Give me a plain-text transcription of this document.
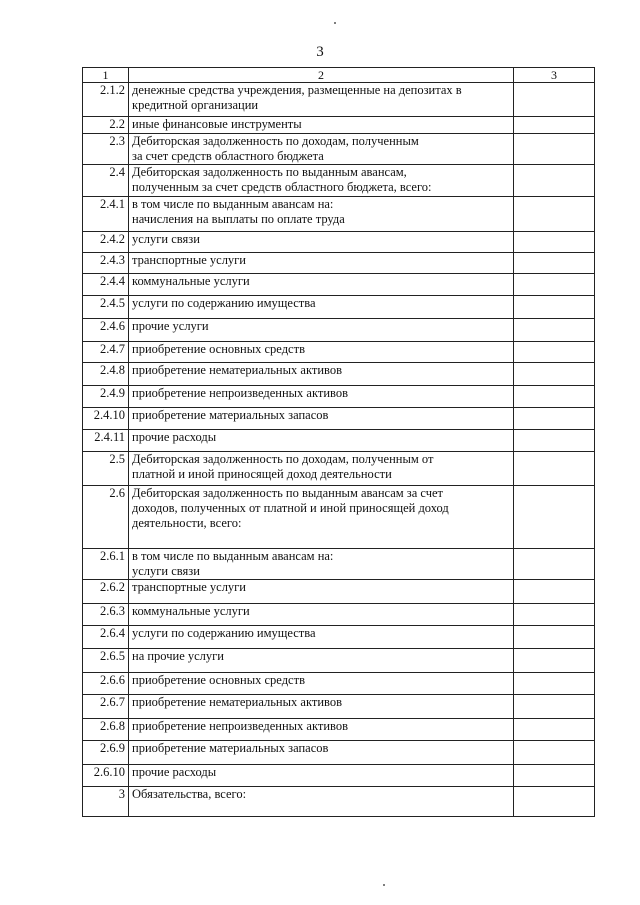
3
1	2	3
2.1.2	денежные средства учреждения, размещенные на депозитах в
кредитной организации	
2.2	иные финансовые инструменты	
2.3	Дебиторская задолженность по доходам, полученным
за счет средств областного бюджета	
2.4	Дебиторская задолженность по выданным авансам,
полученным за счет средств областного бюджета, всего:	
2.4.1	в том числе по выданным авансам на:
начисления на выплаты по оплате труда	
2.4.2	услуги связи	
2.4.3	транспортные услуги	
2.4.4	коммунальные услуги	
2.4.5	услуги по содержанию имущества	
2.4.6	прочие услуги	
2.4.7	приобретение основных средств	
2.4.8	приобретение нематериальных активов	
2.4.9	приобретение непроизведенных активов	
2.4.10	приобретение материальных запасов	
2.4.11	прочие расходы	
2.5	Дебиторская задолженность по доходам, полученным от
платной и иной приносящей доход деятельности	
2.6	Дебиторская задолженность по выданным авансам за счет
доходов, полученных от платной и иной приносящей доход
деятельности, всего:	
2.6.1	в том числе по выданным авансам на:
услуги связи	
2.6.2	транспортные услуги	
2.6.3	коммунальные услуги	
2.6.4	услуги по содержанию имущества	
2.6.5	на прочие услуги	
2.6.6	приобретение основных средств	
2.6.7	приобретение нематериальных активов	
2.6.8	приобретение непроизведенных активов	
2.6.9	приобретение материальных запасов	
2.6.10	прочие расходы	
3	Обязательства, всего:	
